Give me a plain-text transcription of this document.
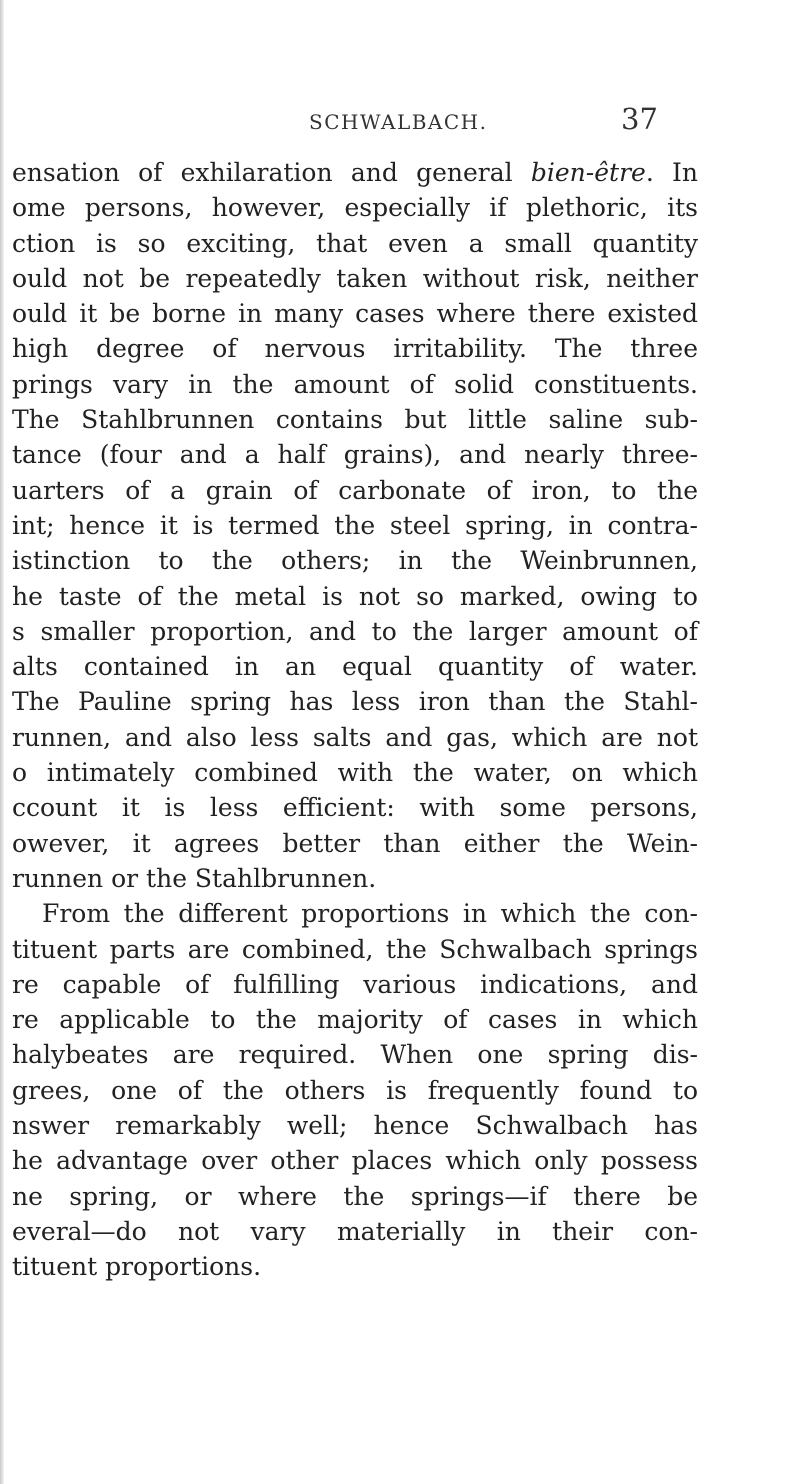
SCHWALBACH.	37
ensation of exhilaration and general bien-être. In
ome persons, however, especially if plethoric, its
ction is so exciting, that even a small quantity
ould not be repeatedly taken without risk, neither
ould it be borne in many cases where there existed
high degree of nervous irritability. The three
prings vary in the amount of solid constituents.
The Stahlbrunnen contains but little saline sub-
tance (four and a half grains), and nearly three-
uarters of a grain of carbonate of iron, to the
int; hence it is termed the steel spring, in contra-
istinction to the others; in the Weinbrunnen,
he taste of the metal is not so marked, owing to
s smaller proportion, and to the larger amount of
alts contained in an equal quantity of water.
The Pauline spring has less iron than the Stahl-
runnen, and also less salts and gas, which are not
o intimately combined with the water, on which
ccount it is less efficient: with some persons,
owever, it agrees better than either the Wein-
runnen or the Stahlbrunnen.
From the different proportions in which the con-
tituent parts are combined, the Schwalbach springs
re capable of fulfilling various indications, and
re applicable to the majority of cases in which
halybeates are required. When one spring dis-
grees, one of the others is frequently found to
nswer remarkably well; hence Schwalbach has
he advantage over other places which only possess
ne spring, or where the springs—if there be
everal—do not vary materially in their con-
tituent proportions.
